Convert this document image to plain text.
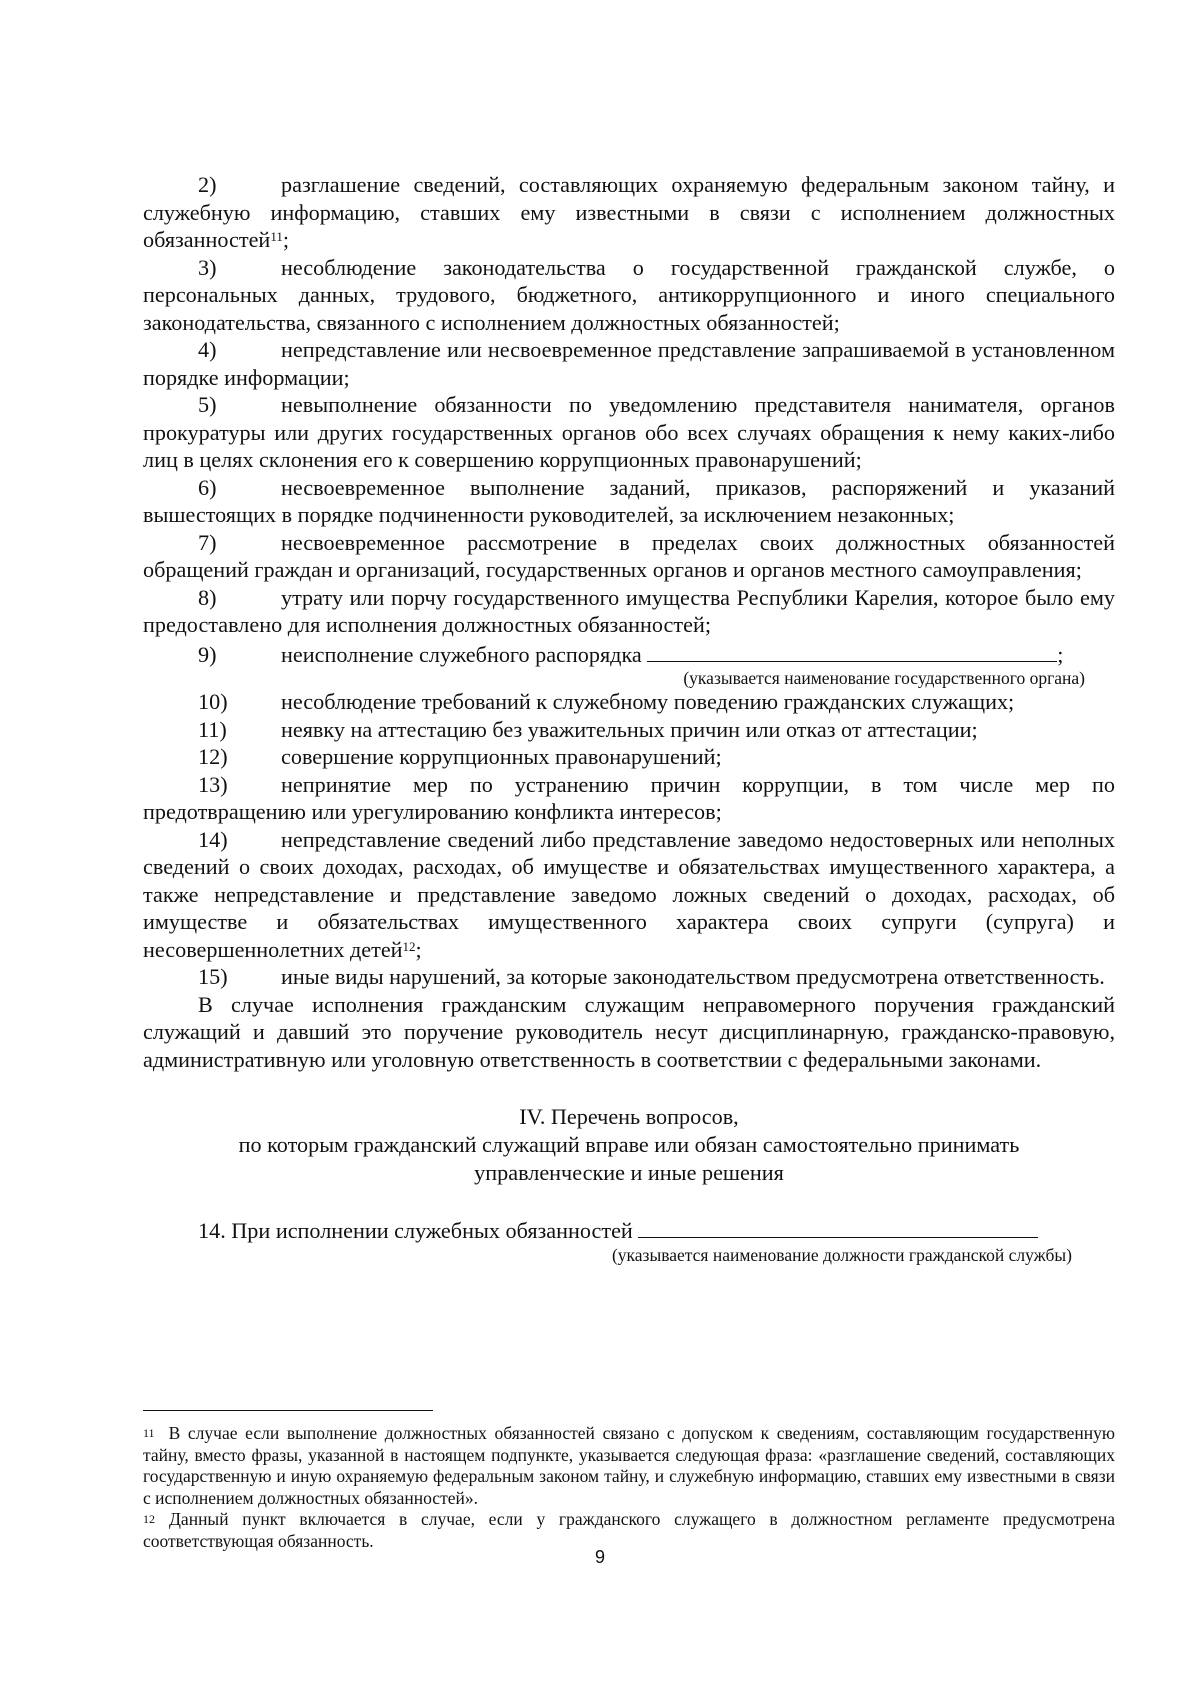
2)	разглашение сведений, составляющих охраняемую федеральным законом тайну, и служебную информацию, ставших ему известными в связи с исполнением должностных обязанностей$^{11}$;

3)	несоблюдение законодательства о государственной гражданской службе, о персональных данных, трудового, бюджетного, антикоррупционного и иного специального законодательства, связанного с исполнением должностных обязанностей;

4)	непредставление или несвоевременное представление запрашиваемой в установленном порядке информации;

5)	невыполнение обязанности по уведомлению представителя нанимателя, органов прокуратуры или других государственных органов обо всех случаях обращения к нему каких-либо лиц в целях склонения его к совершению коррупционных правонарушений;

6)	несвоевременное выполнение заданий, приказов, распоряжений и указаний вышестоящих в порядке подчиненности руководителей, за исключением незаконных;

7)	несвоевременное рассмотрение в пределах своих должностных обязанностей обращений граждан и организаций, государственных органов и органов местного самоуправления;

8)	утрату или порчу государственного имущества Республики Карелия, которое было ему предоставлено для исполнения должностных обязанностей;

9)	неисполнение служебного распорядка	;

(указывается наименование государственного органа)

10) несоблюдение требований к служебному поведению гражданских служащих;

11) неявку на аттестацию без уважительных причин или отказ от аттестации;

12) совершение коррупционных правонарушений;

13) непринятие мер по устранению причин коррупции, в том числе мер по предотвращению или урегулированию конфликта интересов;

14) непредставление сведений либо представление заведомо недостоверных или неполных сведений о своих доходах, расходах, об имуществе и обязательствах имущественного характера, а также непредставление и представление заведомо ложных сведений о доходах, расходах, об имуществе и обязательствах имущественного характера своих супруги (супруга) и несовершеннолетних детей$^{12}$;

15) иные виды нарушений, за которые законодательством предусмотрена ответственность.

В случае исполнения гражданским служащим неправомерного поручения гражданский служащий и давший это поручение руководитель несут дисциплинарную, гражданско-правовую, административную или уголовную ответственность в соответствии с федеральными законами.

IV. Перечень вопросов,
по которым гражданский служащий вправе или обязан самостоятельно принимать
управленческие и иные решения

14. При исполнении служебных обязанностей

(указывается наименование должности гражданской службы)

$^{11}$ В случае если выполнение должностных обязанностей связано с допуском к сведениям, составляющим государственную тайну, вместо фразы, указанной в настоящем подпункте, указывается следующая фраза: «разглашение сведений, составляющих государственную и иную охраняемую федеральным законом тайну, и служебную информацию, ставших ему известными в связи с исполнением должностных обязанностей».

$^{12}$ Данный пункт включается в случае, если у гражданского служащего в должностном регламенте предусмотрена соответствующая обязанность.

9
